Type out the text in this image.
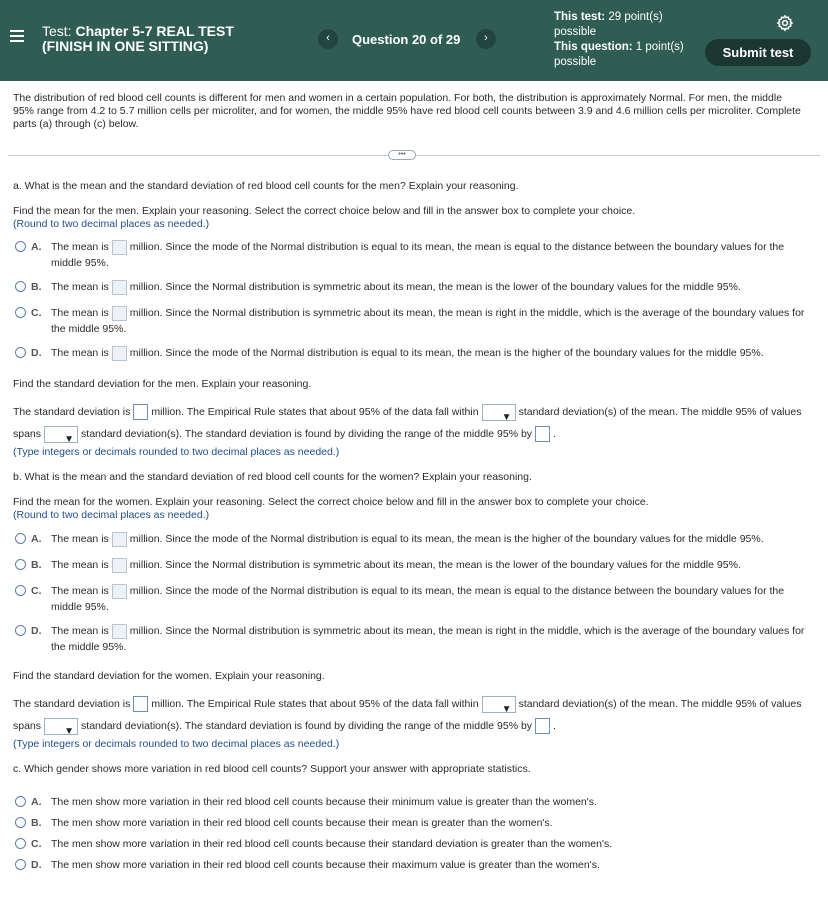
Test: Chapter 5-7 REAL TEST
(FINISH IN ONE SITTING)	‹	Question 20 of 29	›
This test: 29 point(s) possible
This question: 1 point(s) possible
Submit test
The distribution of red blood cell counts is different for men and women in a certain population. For both, the distribution is approximately Normal. For men, the middle 95% range from 4.2 to 5.7 million cells per microliter, and for women, the middle 95% have red blood cell counts between 3.9 and 4.6 million cells per microliter. Complete parts (a) through (c) below.
•••
a. What is the mean and the standard deviation of red blood cell counts for the men? Explain your reasoning.
Find the mean for the men. Explain your reasoning. Select the correct choice below and fill in the answer box to complete your choice.
(Round to two decimal places as needed.)
A. The mean is million. Since the mode of the Normal distribution is equal to its mean, the mean is equal to the distance between the boundary values for the middle 95%.
B. The mean is million. Since the Normal distribution is symmetric about its mean, the mean is the lower of the boundary values for the middle 95%.
C. The mean is million. Since the Normal distribution is symmetric about its mean, the mean is right in the middle, which is the average of the boundary values for the middle 95%.
D. The mean is million. Since the mode of the Normal distribution is equal to its mean, the mean is the higher of the boundary values for the middle 95%.
Find the standard deviation for the men. Explain your reasoning.
The standard deviation is million. The Empirical Rule states that about 95% of the data fall within ▼ standard deviation(s) of the mean. The middle 95% of values spans ▼ standard deviation(s). The standard deviation is found by dividing the range of the middle 95% by .
(Type integers or decimals rounded to two decimal places as needed.)
b. What is the mean and the standard deviation of red blood cell counts for the women? Explain your reasoning.
Find the mean for the women. Explain your reasoning. Select the correct choice below and fill in the answer box to complete your choice.
(Round to two decimal places as needed.)
A. The mean is million. Since the mode of the Normal distribution is equal to its mean, the mean is the higher of the boundary values for the middle 95%.
B. The mean is million. Since the Normal distribution is symmetric about its mean, the mean is the lower of the boundary values for the middle 95%.
C. The mean is million. Since the mode of the Normal distribution is equal to its mean, the mean is equal to the distance between the boundary values for the middle 95%.
D. The mean is million. Since the Normal distribution is symmetric about its mean, the mean is right in the middle, which is the average of the boundary values for the middle 95%.
Find the standard deviation for the women. Explain your reasoning.
The standard deviation is million. The Empirical Rule states that about 95% of the data fall within ▼ standard deviation(s) of the mean. The middle 95% of values spans ▼ standard deviation(s). The standard deviation is found by dividing the range of the middle 95% by .
(Type integers or decimals rounded to two decimal places as needed.)
c. Which gender shows more variation in red blood cell counts? Support your answer with appropriate statistics.
A. The men show more variation in their red blood cell counts because their minimum value is greater than the women's.
B. The men show more variation in their red blood cell counts because their mean is greater than the women's.
C. The men show more variation in their red blood cell counts because their standard deviation is greater than the women's.
D. The men show more variation in their red blood cell counts because their maximum value is greater than the women's.
